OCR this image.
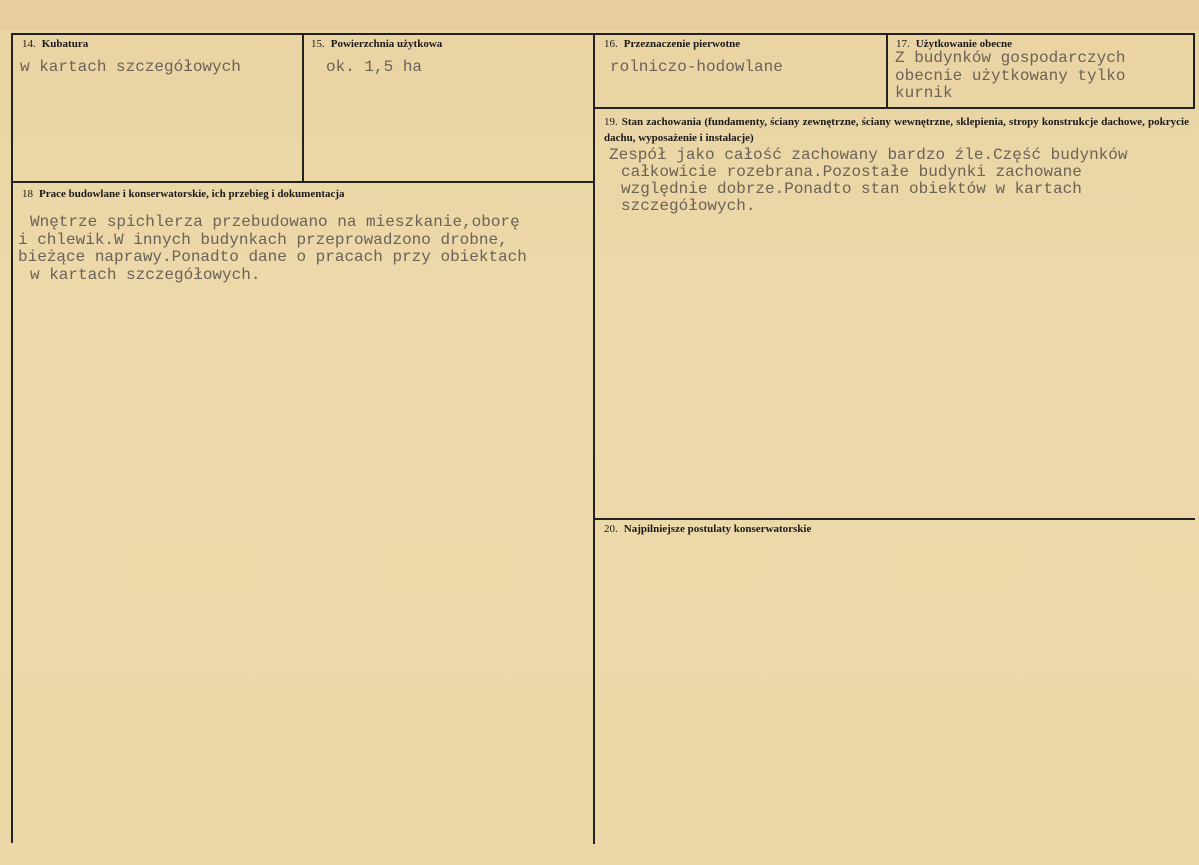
14. Kubatura
w kartach szczegółowych
15. Powierzchnia użytkowa
ok. 1,5 ha
16. Przeznaczenie pierwotne
rolniczo-hodowlane
17. Użytkowanie obecne
Z budynków gospodarczych
obecnie użytkowany tylko
kurnik
18 Prace budowlane i konserwatorskie, ich przebieg i dokumentacja
Wnętrze spichlerza przebudowano na mieszkanie,oborę
i chlewik.W innych budynkach przeprowadzono drobne,
bieżące naprawy.Ponadto dane o pracach przy obiektach
w kartach szczegółowych.
19. Stan zachowania (fundamenty, ściany zewnętrzne, ściany wewnętrzne, sklepienia, stropy konstrukcje dachowe, pokrycie dachu, wyposażenie i instalacje)
Zespół jako całość zachowany bardzo źle.Część budynków
całkowicie rozebrana.Pozostałe budynki zachowane
względnie dobrze.Ponadto stan obiektów w kartach
szczegółowych.
20. Najpilniejsze postulaty konserwatorskie
